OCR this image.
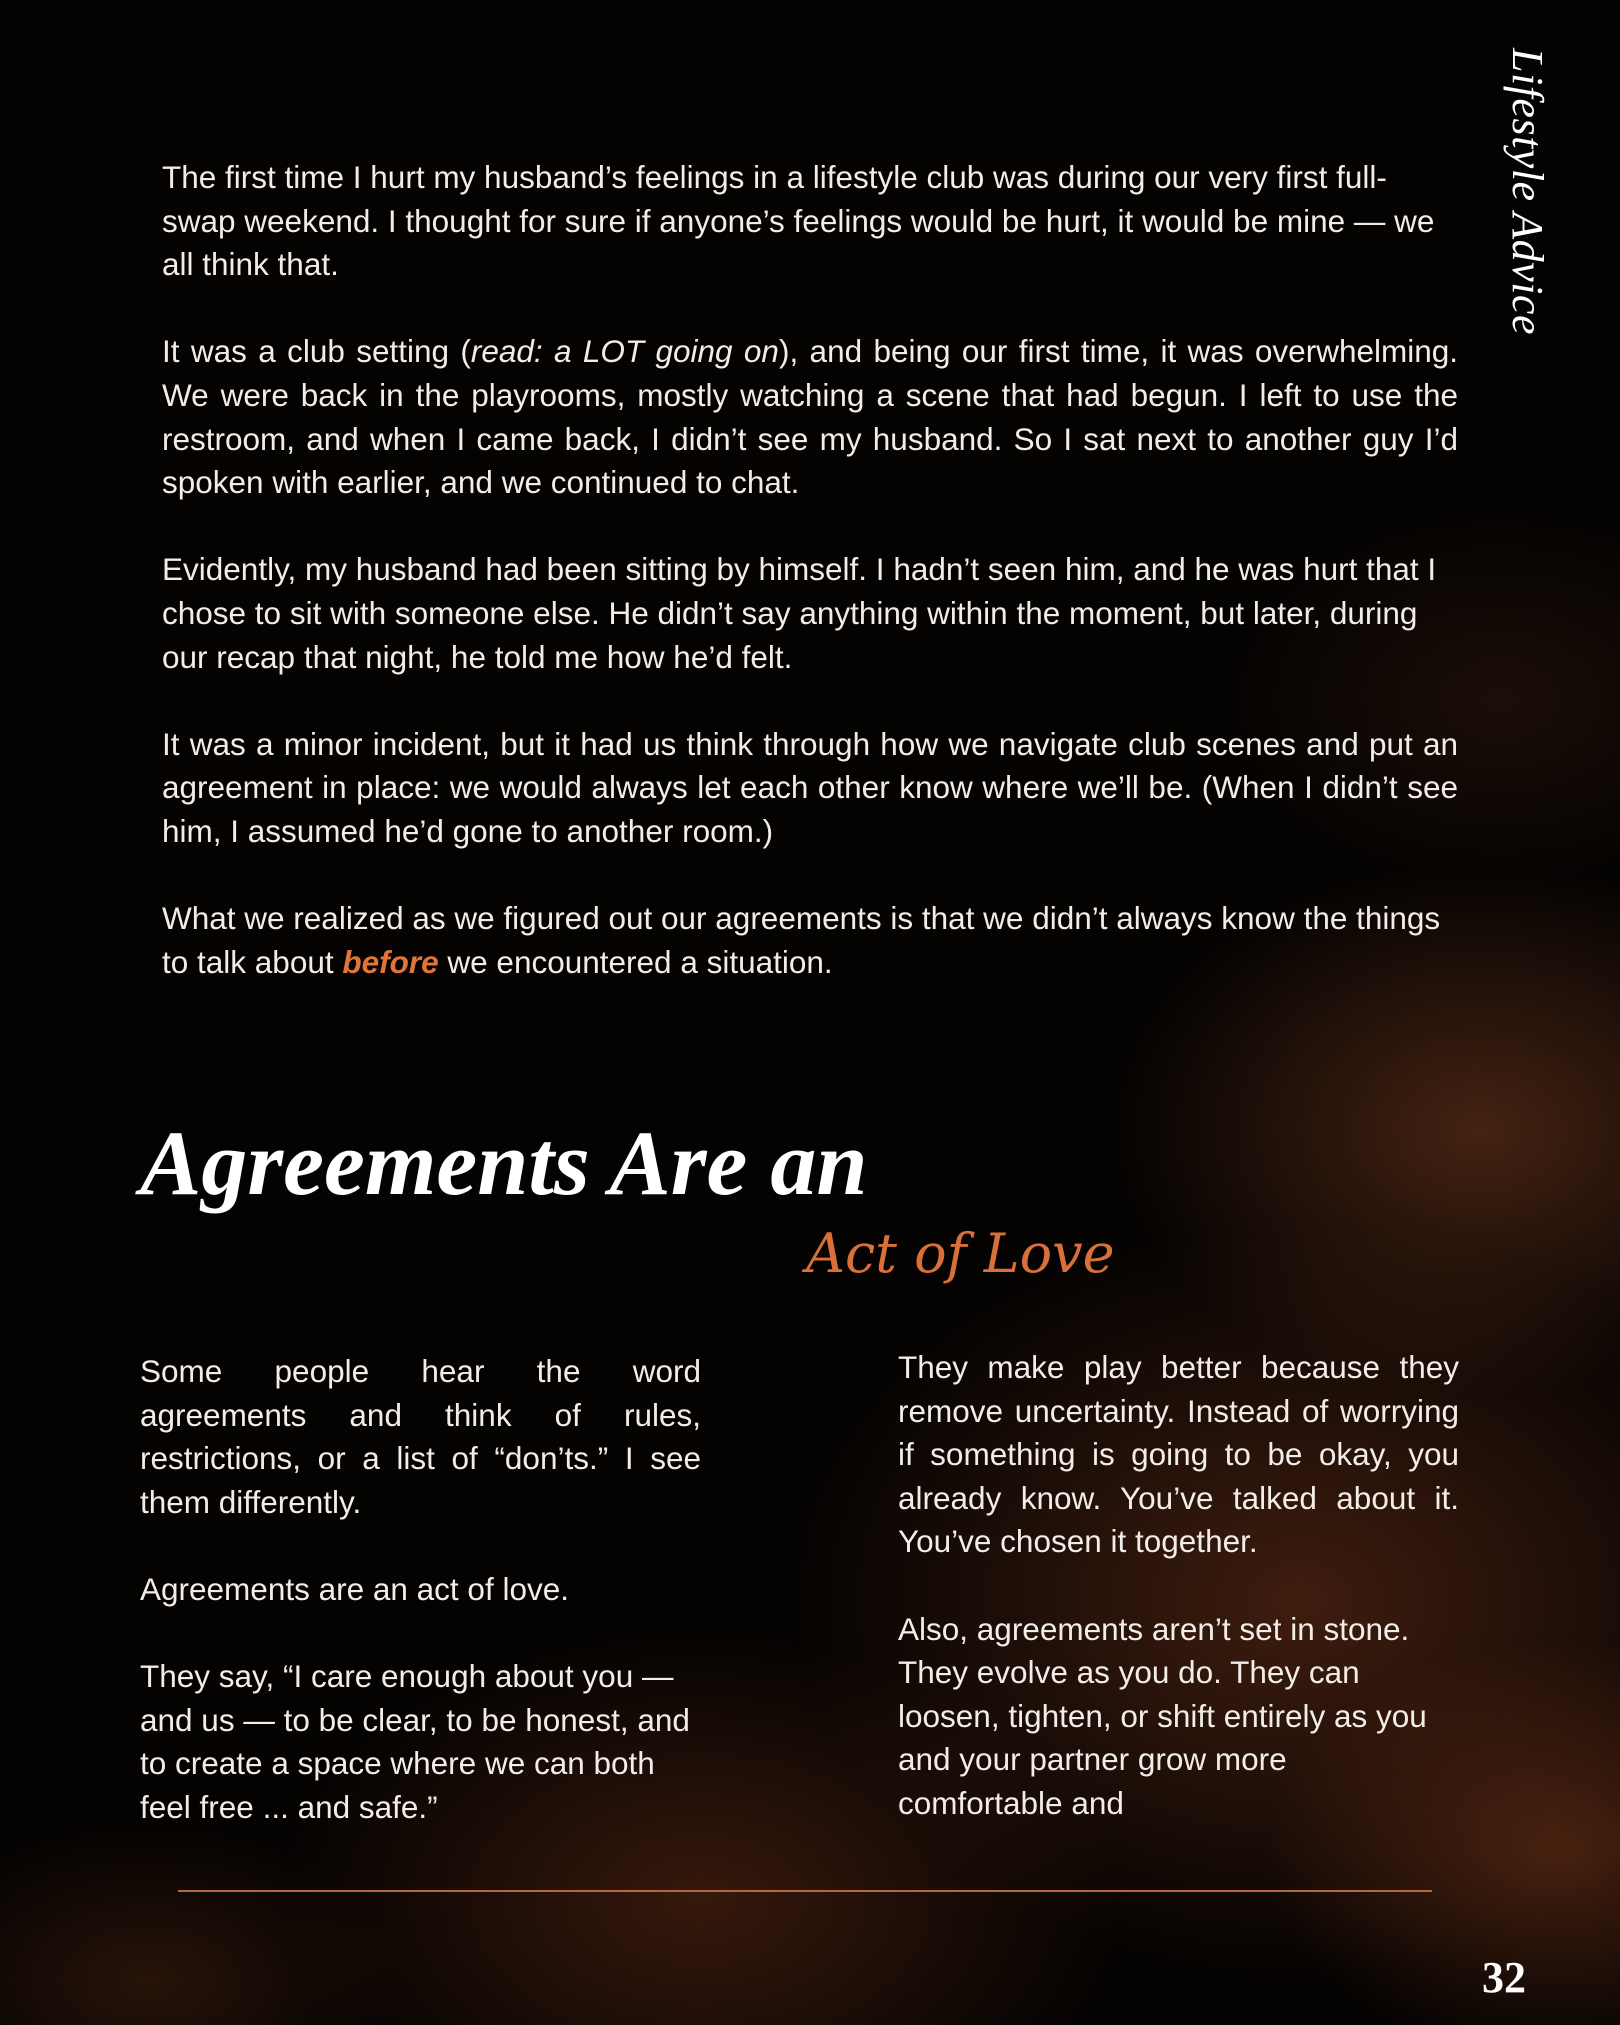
Lifestyle Advice

The first time I hurt my husband’s feelings in a lifestyle club was during our very first full-swap weekend. I thought for sure if anyone’s feelings would be hurt, it would be mine — we all think that.

It was a club setting (read: a LOT going on), and being our first time, it was overwhelming. We were back in the playrooms, mostly watching a scene that had begun. I left to use the restroom, and when I came back, I didn’t see my husband. So I sat next to another guy I’d spoken with earlier, and we continued to chat.

Evidently, my husband had been sitting by himself. I hadn’t seen him, and he was hurt that I chose to sit with someone else. He didn’t say anything within the moment, but later, during our recap that night, he told me how he’d felt.

It was a minor incident, but it had us think through how we navigate club scenes and put an agreement in place: we would always let each other know where we’ll be. (When I didn’t see him, I assumed he’d gone to another room.)

What we realized as we figured out our agreements is that we didn’t always know the things to talk about before we encountered a situation.

Agreements Are an
Act of Love

Some people hear the word agreements and think of rules, restrictions, or a list of “don’ts.” I see them differently.

Agreements are an act of love.

They say, “I care enough about you — and us — to be clear, to be honest, and to create a space where we can both feel free ... and safe.”

They make play better because they remove uncertainty. Instead of worrying if something is going to be okay, you already know. You’ve talked about it. You’ve chosen it together.

Also, agreements aren’t set in stone. They evolve as you do. They can loosen, tighten, or shift entirely as you and your partner grow more comfortable and

32
